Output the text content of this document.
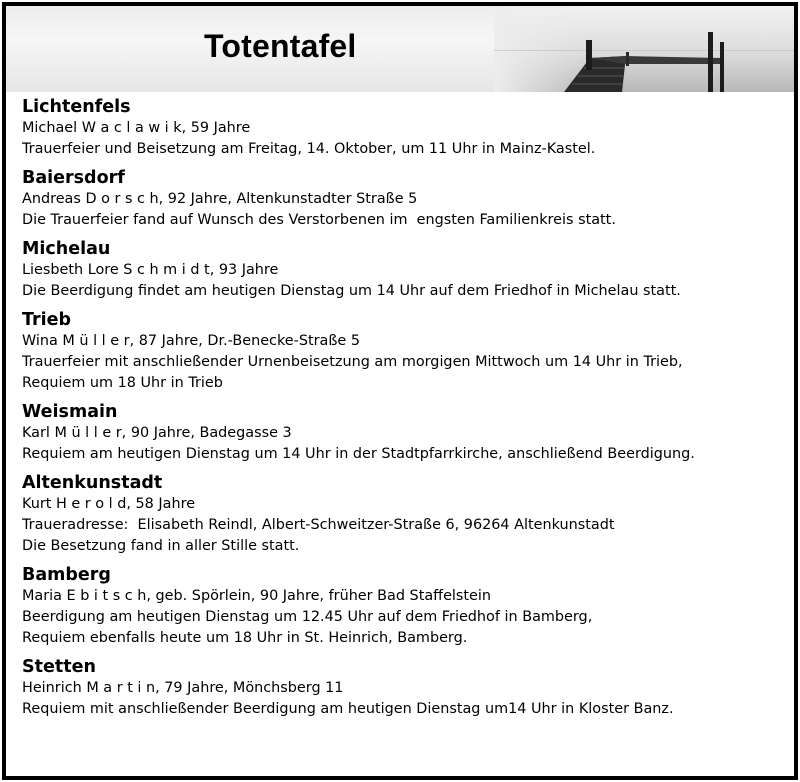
Totentafel
Lichtenfels
Michael W a c l a w i k, 59 Jahre
Trauerfeier und Beisetzung am Freitag, 14. Oktober, um 11 Uhr in Mainz-Kastel.
Baiersdorf
Andreas D o r s c h, 92 Jahre, Altenkunstadter Straße 5
Die Trauerfeier fand auf Wunsch des Verstorbenen im  engsten Familienkreis statt.
Michelau
Liesbeth Lore S c h m i d t, 93 Jahre
Die Beerdigung findet am heutigen Dienstag um 14 Uhr auf dem Friedhof in Michelau statt.
Trieb
Wina M ü l l e r, 87 Jahre, Dr.-Benecke-Straße 5
Trauerfeier mit anschließender Urnenbeisetzung am morgigen Mittwoch um 14 Uhr in Trieb,
Requiem um 18 Uhr in Trieb
Weismain
Karl M ü l l e r, 90 Jahre, Badegasse 3
Requiem am heutigen Dienstag um 14 Uhr in der Stadtpfarrkirche, anschließend Beerdigung.
Altenkunstadt
Kurt H e r o l d, 58 Jahre
Traueradresse:  Elisabeth Reindl, Albert-Schweitzer-Straße 6, 96264 Altenkunstadt
Die Besetzung fand in aller Stille statt.
Bamberg
Maria E b i t s c h, geb. Spörlein, 90 Jahre, früher Bad Staffelstein
Beerdigung am heutigen Dienstag um 12.45 Uhr auf dem Friedhof in Bamberg,
Requiem ebenfalls heute um 18 Uhr in St. Heinrich, Bamberg.
Stetten
Heinrich M a r t i n, 79 Jahre, Mönchsberg 11
Requiem mit anschließender Beerdigung am heutigen Dienstag um14 Uhr in Kloster Banz.
